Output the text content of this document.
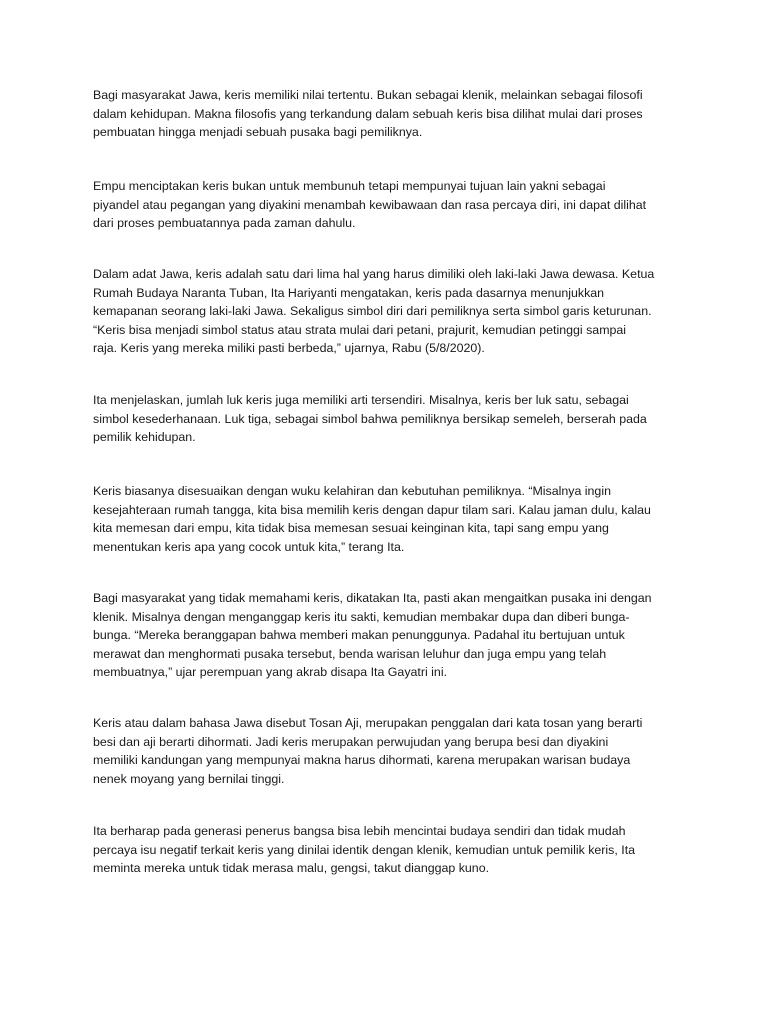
Bagi masyarakat Jawa, keris memiliki nilai tertentu. Bukan sebagai klenik, melainkan sebagai filosofi
dalam kehidupan. Makna filosofis yang terkandung dalam sebuah keris bisa dilihat mulai dari proses
pembuatan hingga menjadi sebuah pusaka bagi pemiliknya.

Empu menciptakan keris bukan untuk membunuh tetapi mempunyai tujuan lain yakni sebagai
piyandel atau pegangan yang diyakini menambah kewibawaan dan rasa percaya diri, ini dapat dilihat
dari proses pembuatannya pada zaman dahulu.

Dalam adat Jawa, keris adalah satu dari lima hal yang harus dimiliki oleh laki-laki Jawa dewasa. Ketua
Rumah Budaya Naranta Tuban, Ita Hariyanti mengatakan, keris pada dasarnya menunjukkan
kemapanan seorang laki-laki Jawa. Sekaligus simbol diri dari pemiliknya serta simbol garis keturunan.
“Keris bisa menjadi simbol status atau strata mulai dari petani, prajurit, kemudian petinggi sampai
raja. Keris yang mereka miliki pasti berbeda,” ujarnya, Rabu (5/8/2020).

Ita menjelaskan, jumlah luk keris juga memiliki arti tersendiri. Misalnya, keris ber luk satu, sebagai
simbol kesederhanaan. Luk tiga, sebagai simbol bahwa pemiliknya bersikap semeleh, berserah pada
pemilik kehidupan.

Keris biasanya disesuaikan dengan wuku kelahiran dan kebutuhan pemiliknya. “Misalnya ingin
kesejahteraan rumah tangga, kita bisa memilih keris dengan dapur tilam sari. Kalau jaman dulu, kalau
kita memesan dari empu, kita tidak bisa memesan sesuai keinginan kita, tapi sang empu yang
menentukan keris apa yang cocok untuk kita,” terang Ita.

Bagi masyarakat yang tidak memahami keris, dikatakan Ita, pasti akan mengaitkan pusaka ini dengan
klenik. Misalnya dengan menganggap keris itu sakti, kemudian membakar dupa dan diberi bunga-
bunga. “Mereka beranggapan bahwa memberi makan penunggunya. Padahal itu bertujuan untuk
merawat dan menghormati pusaka tersebut, benda warisan leluhur dan juga empu yang telah
membuatnya,” ujar perempuan yang akrab disapa Ita Gayatri ini.

Keris atau dalam bahasa Jawa disebut Tosan Aji, merupakan penggalan dari kata tosan yang berarti
besi dan aji berarti dihormati. Jadi keris merupakan perwujudan yang berupa besi dan diyakini
memiliki kandungan yang mempunyai makna harus dihormati, karena merupakan warisan budaya
nenek moyang yang bernilai tinggi.

Ita berharap pada generasi penerus bangsa bisa lebih mencintai budaya sendiri dan tidak mudah
percaya isu negatif terkait keris yang dinilai identik dengan klenik, kemudian untuk pemilik keris, Ita
meminta mereka untuk tidak merasa malu, gengsi, takut dianggap kuno.
